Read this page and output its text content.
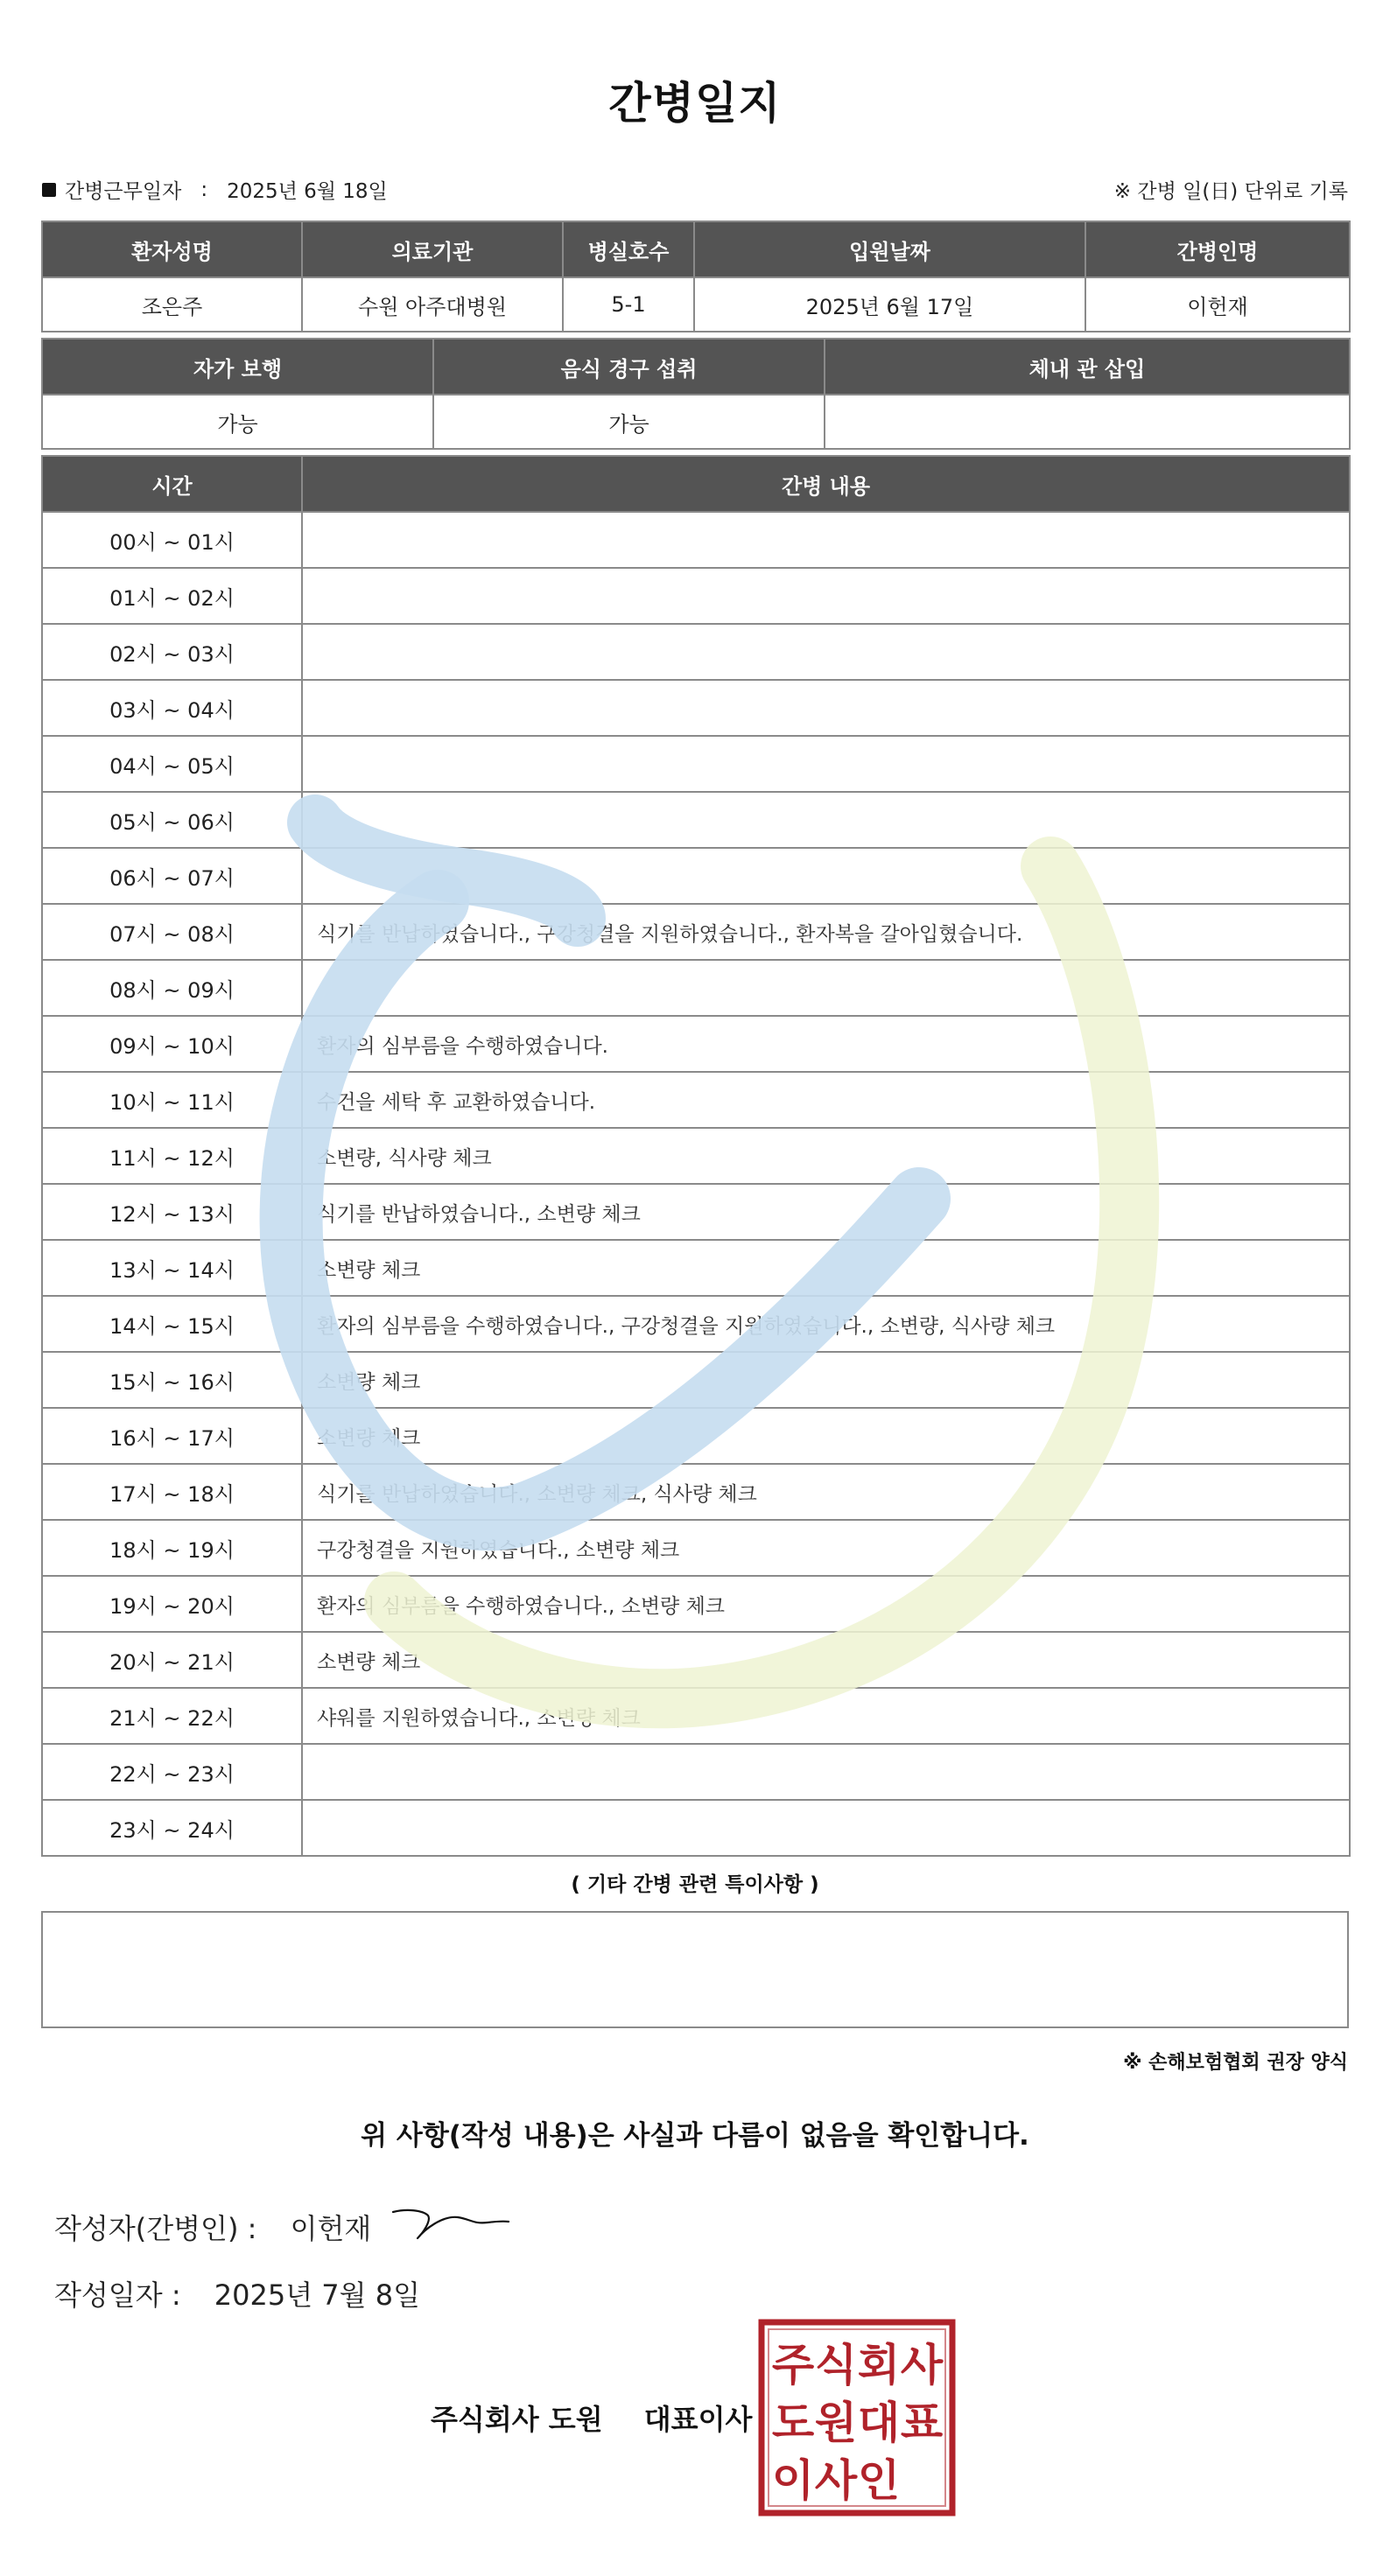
간병일지
간병근무일자 : 2025년 6월 18일	※ 간병 일(日) 단위로 기록
환자성명	의료기관	병실호수	입원날짜	간병인명
조은주	수원 아주대병원	5-1	2025년 6월 17일	이헌재
자가 보행	음식 경구 섭취	체내 관 삽입
가능	가능	
시간	간병 내용
00시 ~ 01시	
01시 ~ 02시	
02시 ~ 03시	
03시 ~ 04시	
04시 ~ 05시	
05시 ~ 06시	
06시 ~ 07시	
07시 ~ 08시	식기를 반납하였습니다., 구강청결을 지원하였습니다., 환자복을 갈아입혔습니다.
08시 ~ 09시	
09시 ~ 10시	환자의 심부름을 수행하였습니다.
10시 ~ 11시	수건을 세탁 후 교환하였습니다.
11시 ~ 12시	소변량, 식사량 체크
12시 ~ 13시	식기를 반납하였습니다., 소변량 체크
13시 ~ 14시	소변량 체크
14시 ~ 15시	환자의 심부름을 수행하였습니다., 구강청결을 지원하였습니다., 소변량, 식사량 체크
15시 ~ 16시	소변량 체크
16시 ~ 17시	소변량 체크
17시 ~ 18시	식기를 반납하였습니다., 소변량 체크, 식사량 체크
18시 ~ 19시	구강청결을 지원하였습니다., 소변량 체크
19시 ~ 20시	환자의 심부름을 수행하였습니다., 소변량 체크
20시 ~ 21시	소변량 체크
21시 ~ 22시	샤워를 지원하였습니다., 소변량 체크
22시 ~ 23시	
23시 ~ 24시	
( 기타 간병 관련 특이사항 )
※ 손해보험협회 권장 양식
위 사항(작성 내용)은 사실과 다름이 없음을 확인합니다.
작성자(간병인) : 이헌재
작성일자 : 2025년 7월 8일
주식회사 도원 대표이사
주 식 회 사
도 원 대 표
이 사 인
